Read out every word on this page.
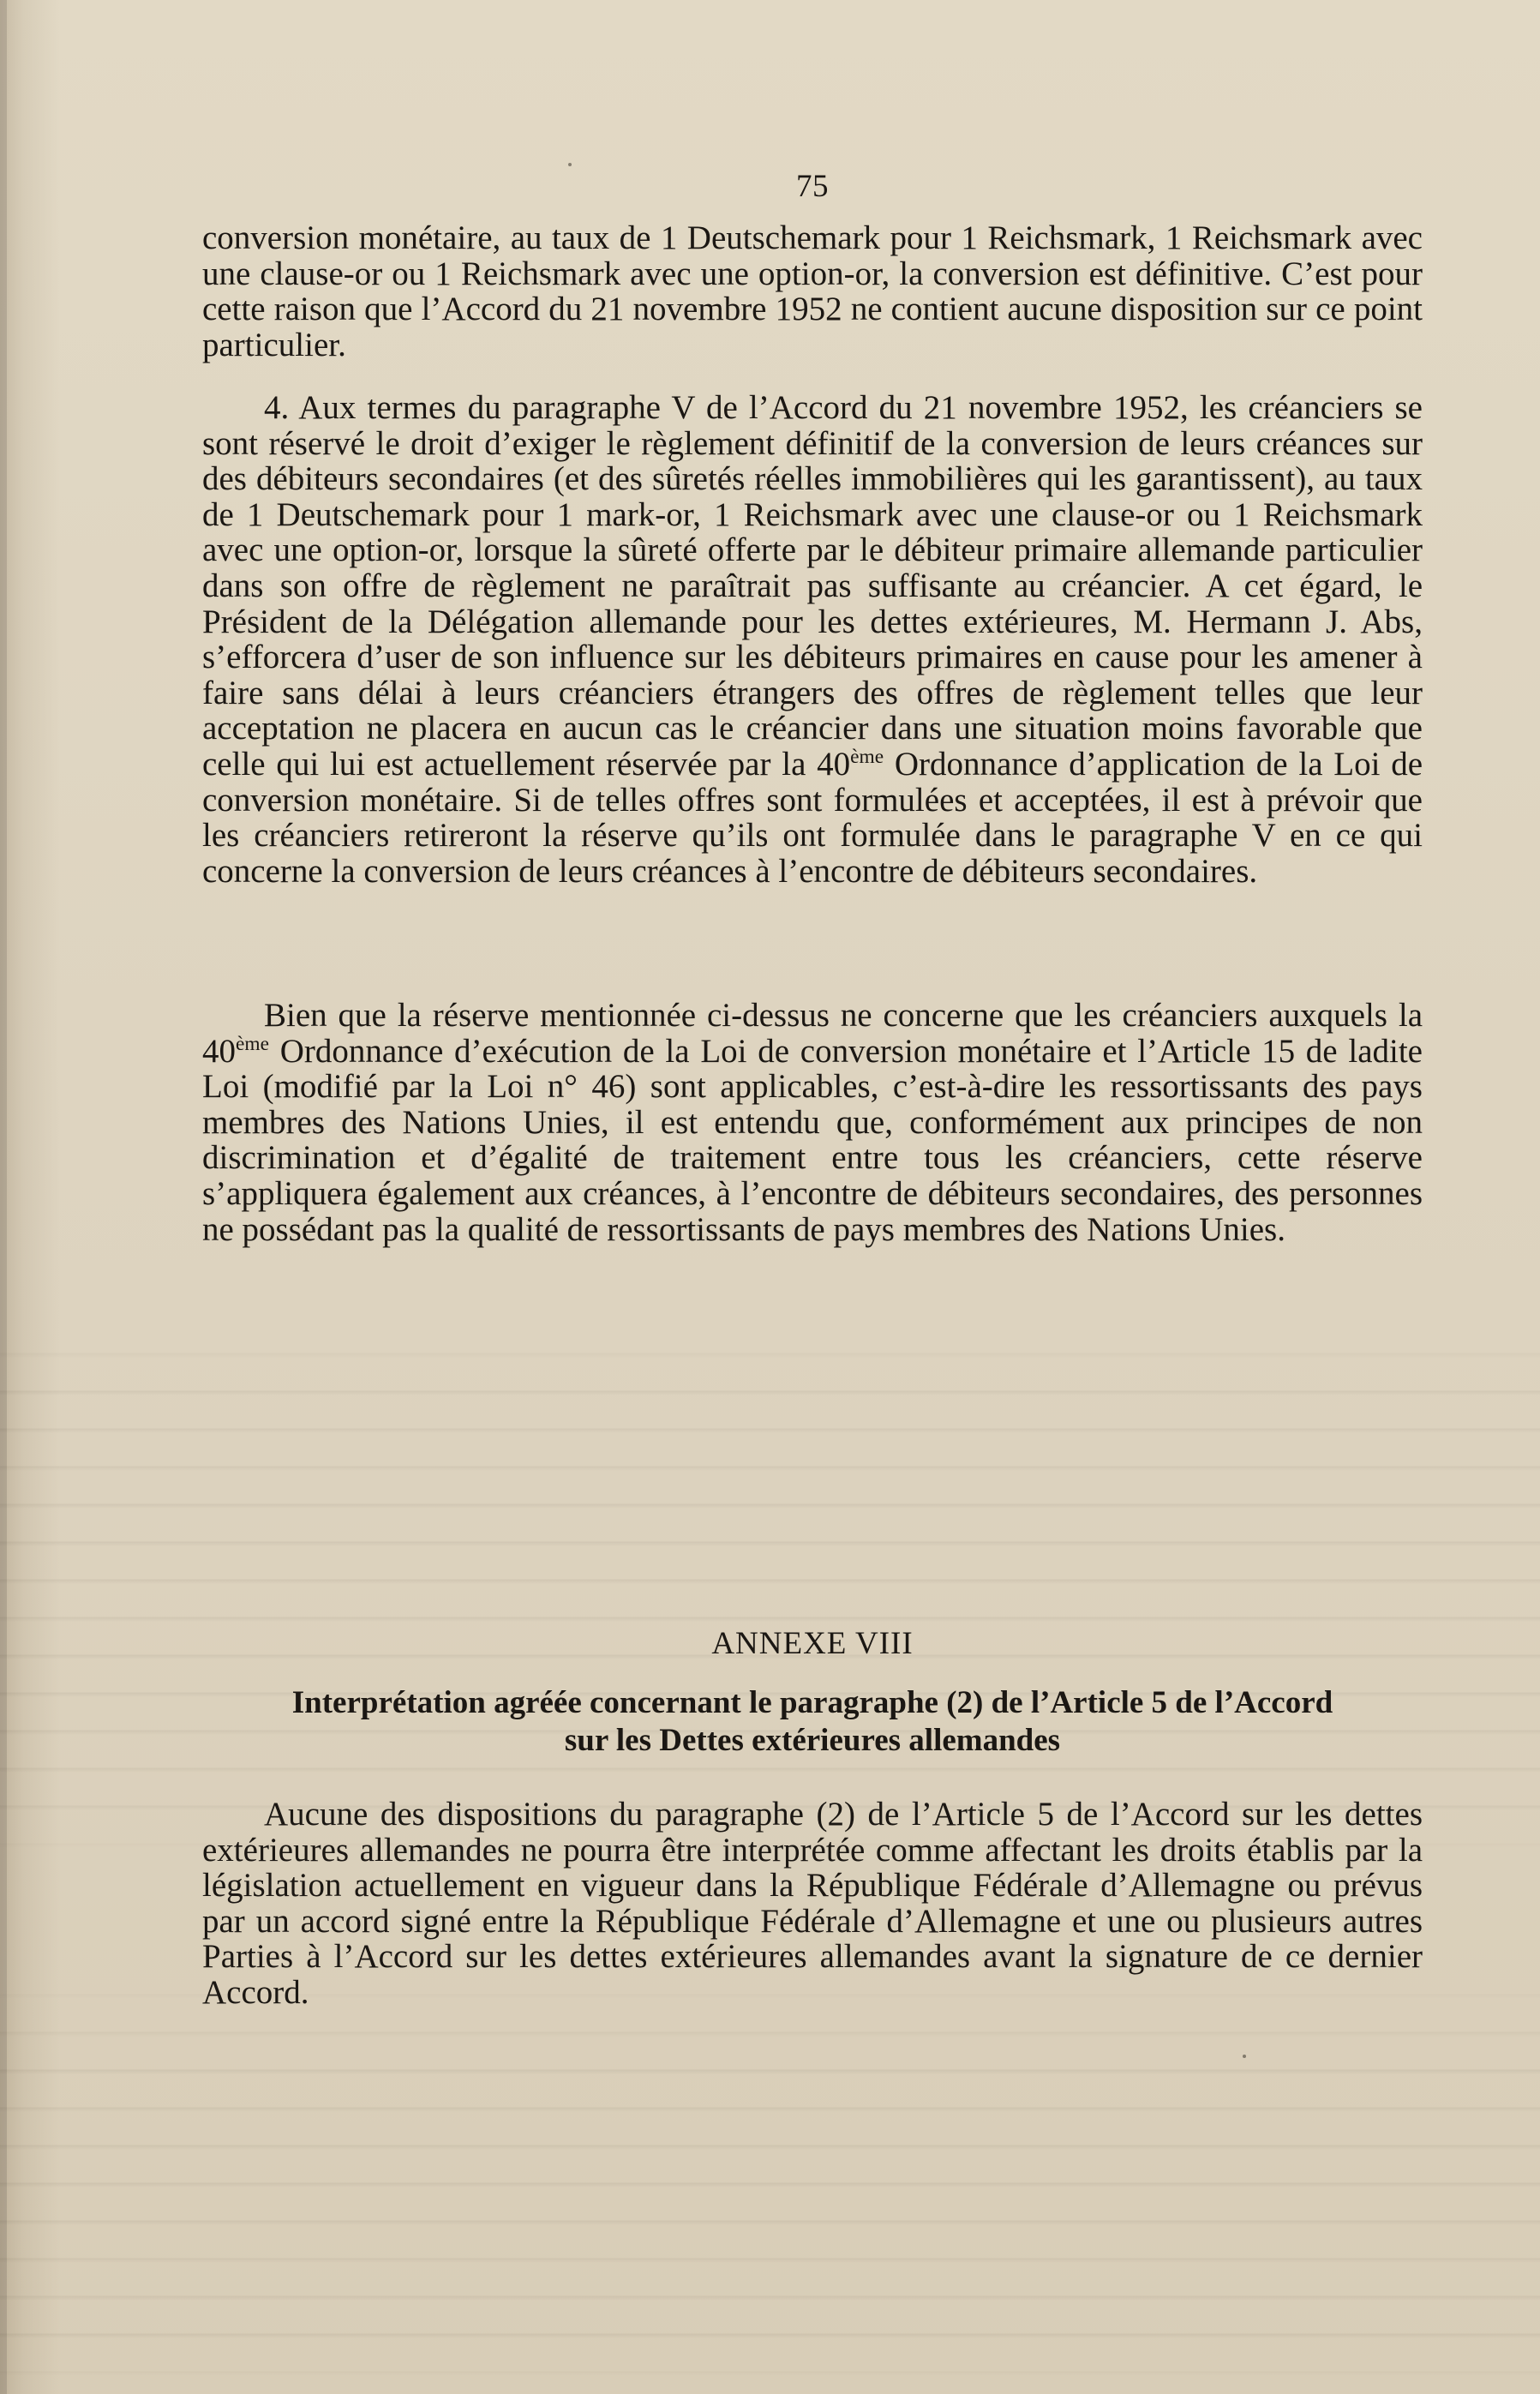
75

conversion monétaire, au taux de 1 Deutschemark pour 1 Reichsmark, 1 Reichsmark avec une clause-or ou 1 Reichsmark avec une option-or, la conversion est définitive. C’est pour cette raison que l’Accord du 21 novembre 1952 ne contient aucune disposition sur ce point particulier.

4. Aux termes du paragraphe V de l’Accord du 21 novembre 1952, les créanciers se sont réservé le droit d’exiger le règlement définitif de la conversion de leurs créances sur des débiteurs secondaires (et des sûretés réelles immobilières qui les garantissent), au taux de 1 Deutschemark pour 1 mark-or, 1 Reichsmark avec une clause-or ou 1 Reichsmark avec une option-or, lorsque la sûreté offerte par le débiteur primaire allemande particulier dans son offre de règlement ne paraîtrait pas suffisante au créancier. A cet égard, le Président de la Délégation allemande pour les dettes extérieures, M. Hermann J. Abs, s’efforcera d’user de son influence sur les débiteurs primaires en cause pour les amener à faire sans délai à leurs créanciers étrangers des offres de règlement telles que leur acceptation ne placera en aucun cas le créancier dans une situation moins favorable que celle qui lui est actuellement réservée par la 40ème Ordonnance d’application de la Loi de conversion monétaire. Si de telles offres sont formulées et acceptées, il est à prévoir que les créanciers retireront la réserve qu’ils ont formulée dans le paragraphe V en ce qui concerne la conversion de leurs créances à l’encontre de débiteurs secondaires.

Bien que la réserve mentionnée ci-dessus ne concerne que les créanciers auxquels la 40ème Ordonnance d’exécution de la Loi de conversion monétaire et l’Article 15 de ladite Loi (modifié par la Loi n° 46) sont applicables, c’est-à-dire les ressortissants des pays membres des Nations Unies, il est entendu que, conformément aux principes de non discrimination et d’égalité de traitement entre tous les créanciers, cette réserve s’appliquera également aux créances, à l’encontre de débiteurs secondaires, des personnes ne possédant pas la qualité de ressortissants de pays membres des Nations Unies.

ANNEXE VIII
Interprétation agréée concernant le paragraphe (2) de l’Article 5 de l’Accord
sur les Dettes extérieures allemandes

Aucune des dispositions du paragraphe (2) de l’Article 5 de l’Accord sur les dettes extérieures allemandes ne pourra être interprétée comme affectant les droits établis par la législation actuellement en vigueur dans la République Fédérale d’Allemagne ou prévus par un accord signé entre la République Fédérale d’Allemagne et une ou plusieurs autres Parties à l’Accord sur les dettes extérieures allemandes avant la signature de ce dernier Accord.
